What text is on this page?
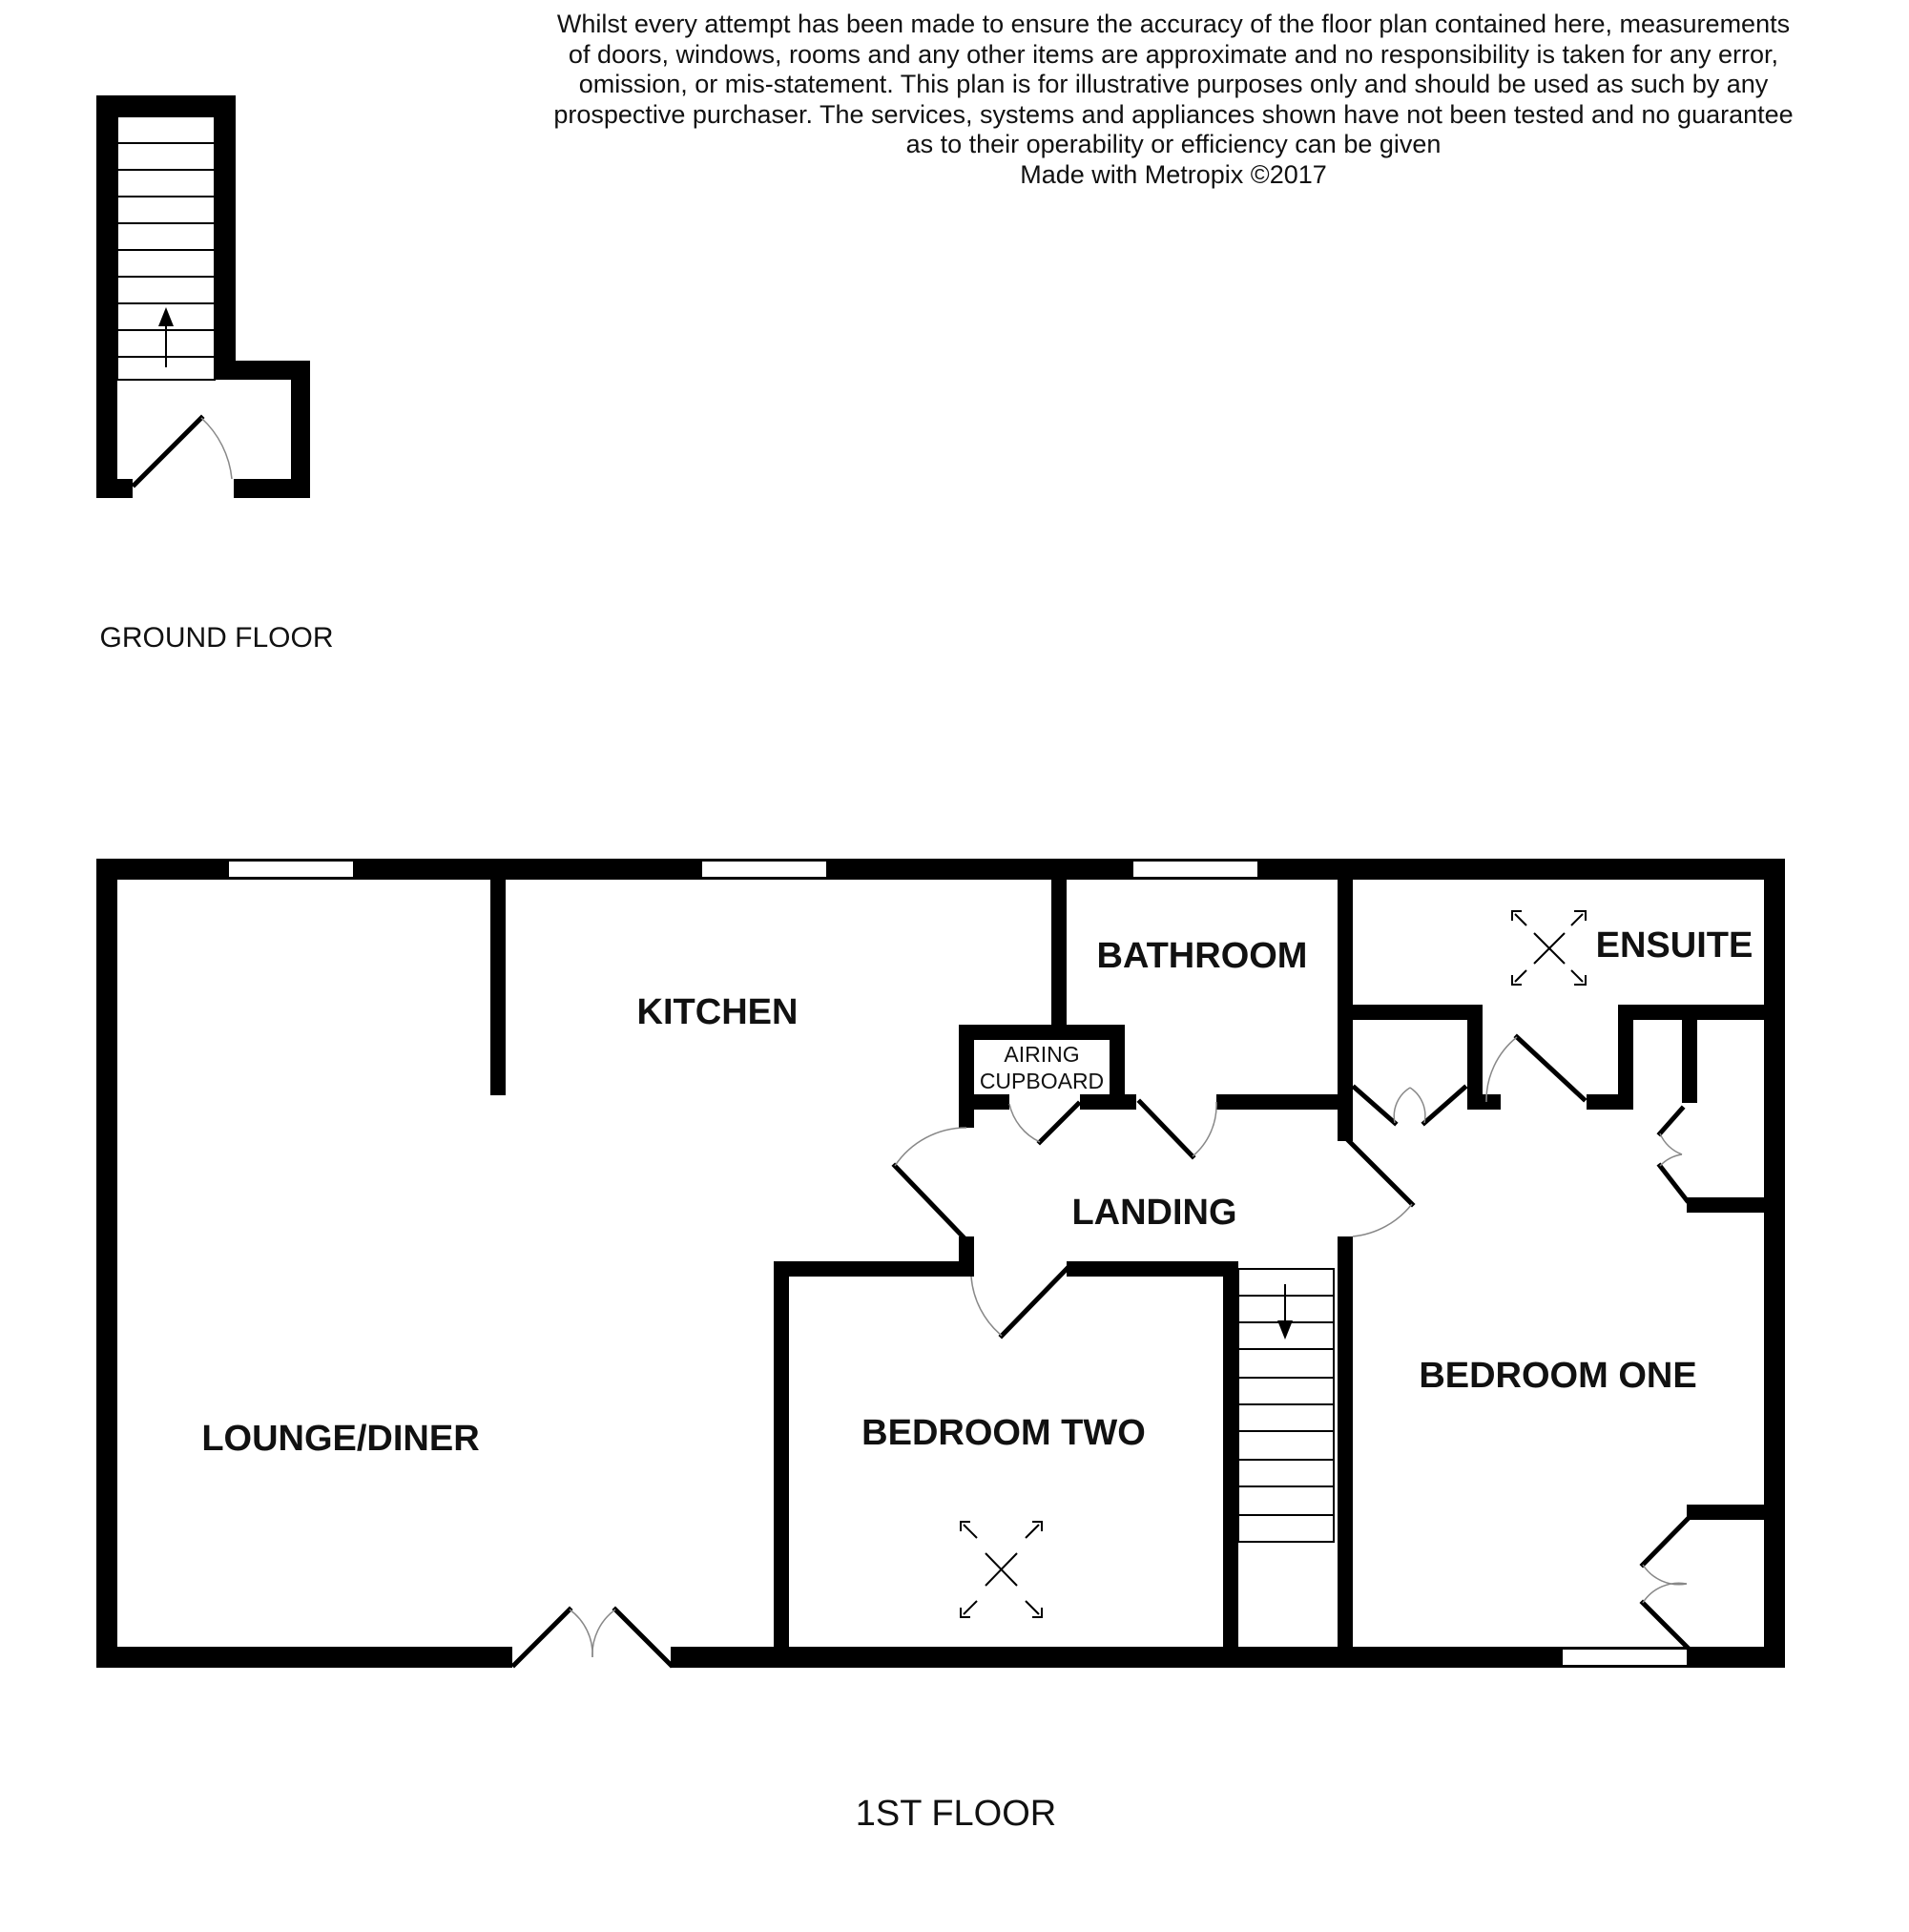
Whilst every attempt has been made to ensure the accuracy of the floor plan contained here, measurements
of doors, windows, rooms and any other items are approximate and no responsibility is taken for any error,
omission, or mis-statement. This plan is for illustrative purposes only and should be used as such by any
prospective purchaser. The services, systems and appliances shown have not been tested and no guarantee
as to their operability or efficiency can be given
Made with Metropix ©2017
GROUND FLOOR
KITCHEN
BATHROOM	ENSUITE
AIRING
CUPBOARD
LANDING
LOUNGE/DINER	BEDROOM TWO
BEDROOM ONE
1ST FLOOR
